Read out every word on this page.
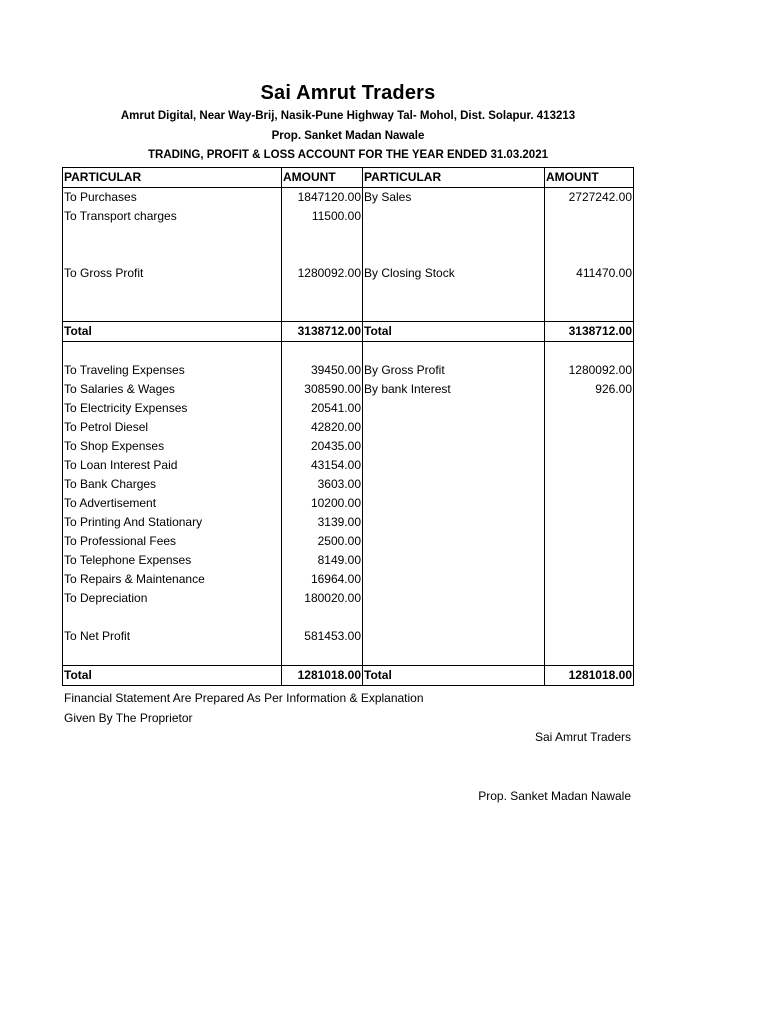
Sai Amrut Traders
Amrut Digital, Near Way-Brij, Nasik-Pune Highway Tal- Mohol, Dist. Solapur. 413213
Prop. Sanket Madan Nawale
TRADING, PROFIT & LOSS ACCOUNT FOR THE YEAR ENDED 31.03.2021
PARTICULAR	AMOUNT	PARTICULAR	AMOUNT
To Purchases	1847120.00	By Sales	2727242.00
To Transport charges	11500.00		

To Gross Profit	1280092.00	By Closing Stock	411470.00

Total	3138712.00	Total	3138712.00

To Traveling Expenses	39450.00	By Gross Profit	1280092.00
To Salaries & Wages	308590.00	By bank Interest	926.00
To Electricity Expenses	20541.00		
To Petrol Diesel	42820.00		
To Shop Expenses	20435.00		
To Loan Interest Paid	43154.00		
To Bank Charges	3603.00		
To Advertisement	10200.00		
To Printing And Stationary	3139.00		
To Professional Fees	2500.00		
To Telephone Expenses	8149.00		
To Repairs & Maintenance	16964.00		
To Depreciation	180020.00		

To Net Profit	581453.00		

Total	1281018.00	Total	1281018.00
Financial Statement Are Prepared As Per Information & Explanation
Given By The Proprietor
Sai Amrut Traders
Prop. Sanket Madan Nawale
